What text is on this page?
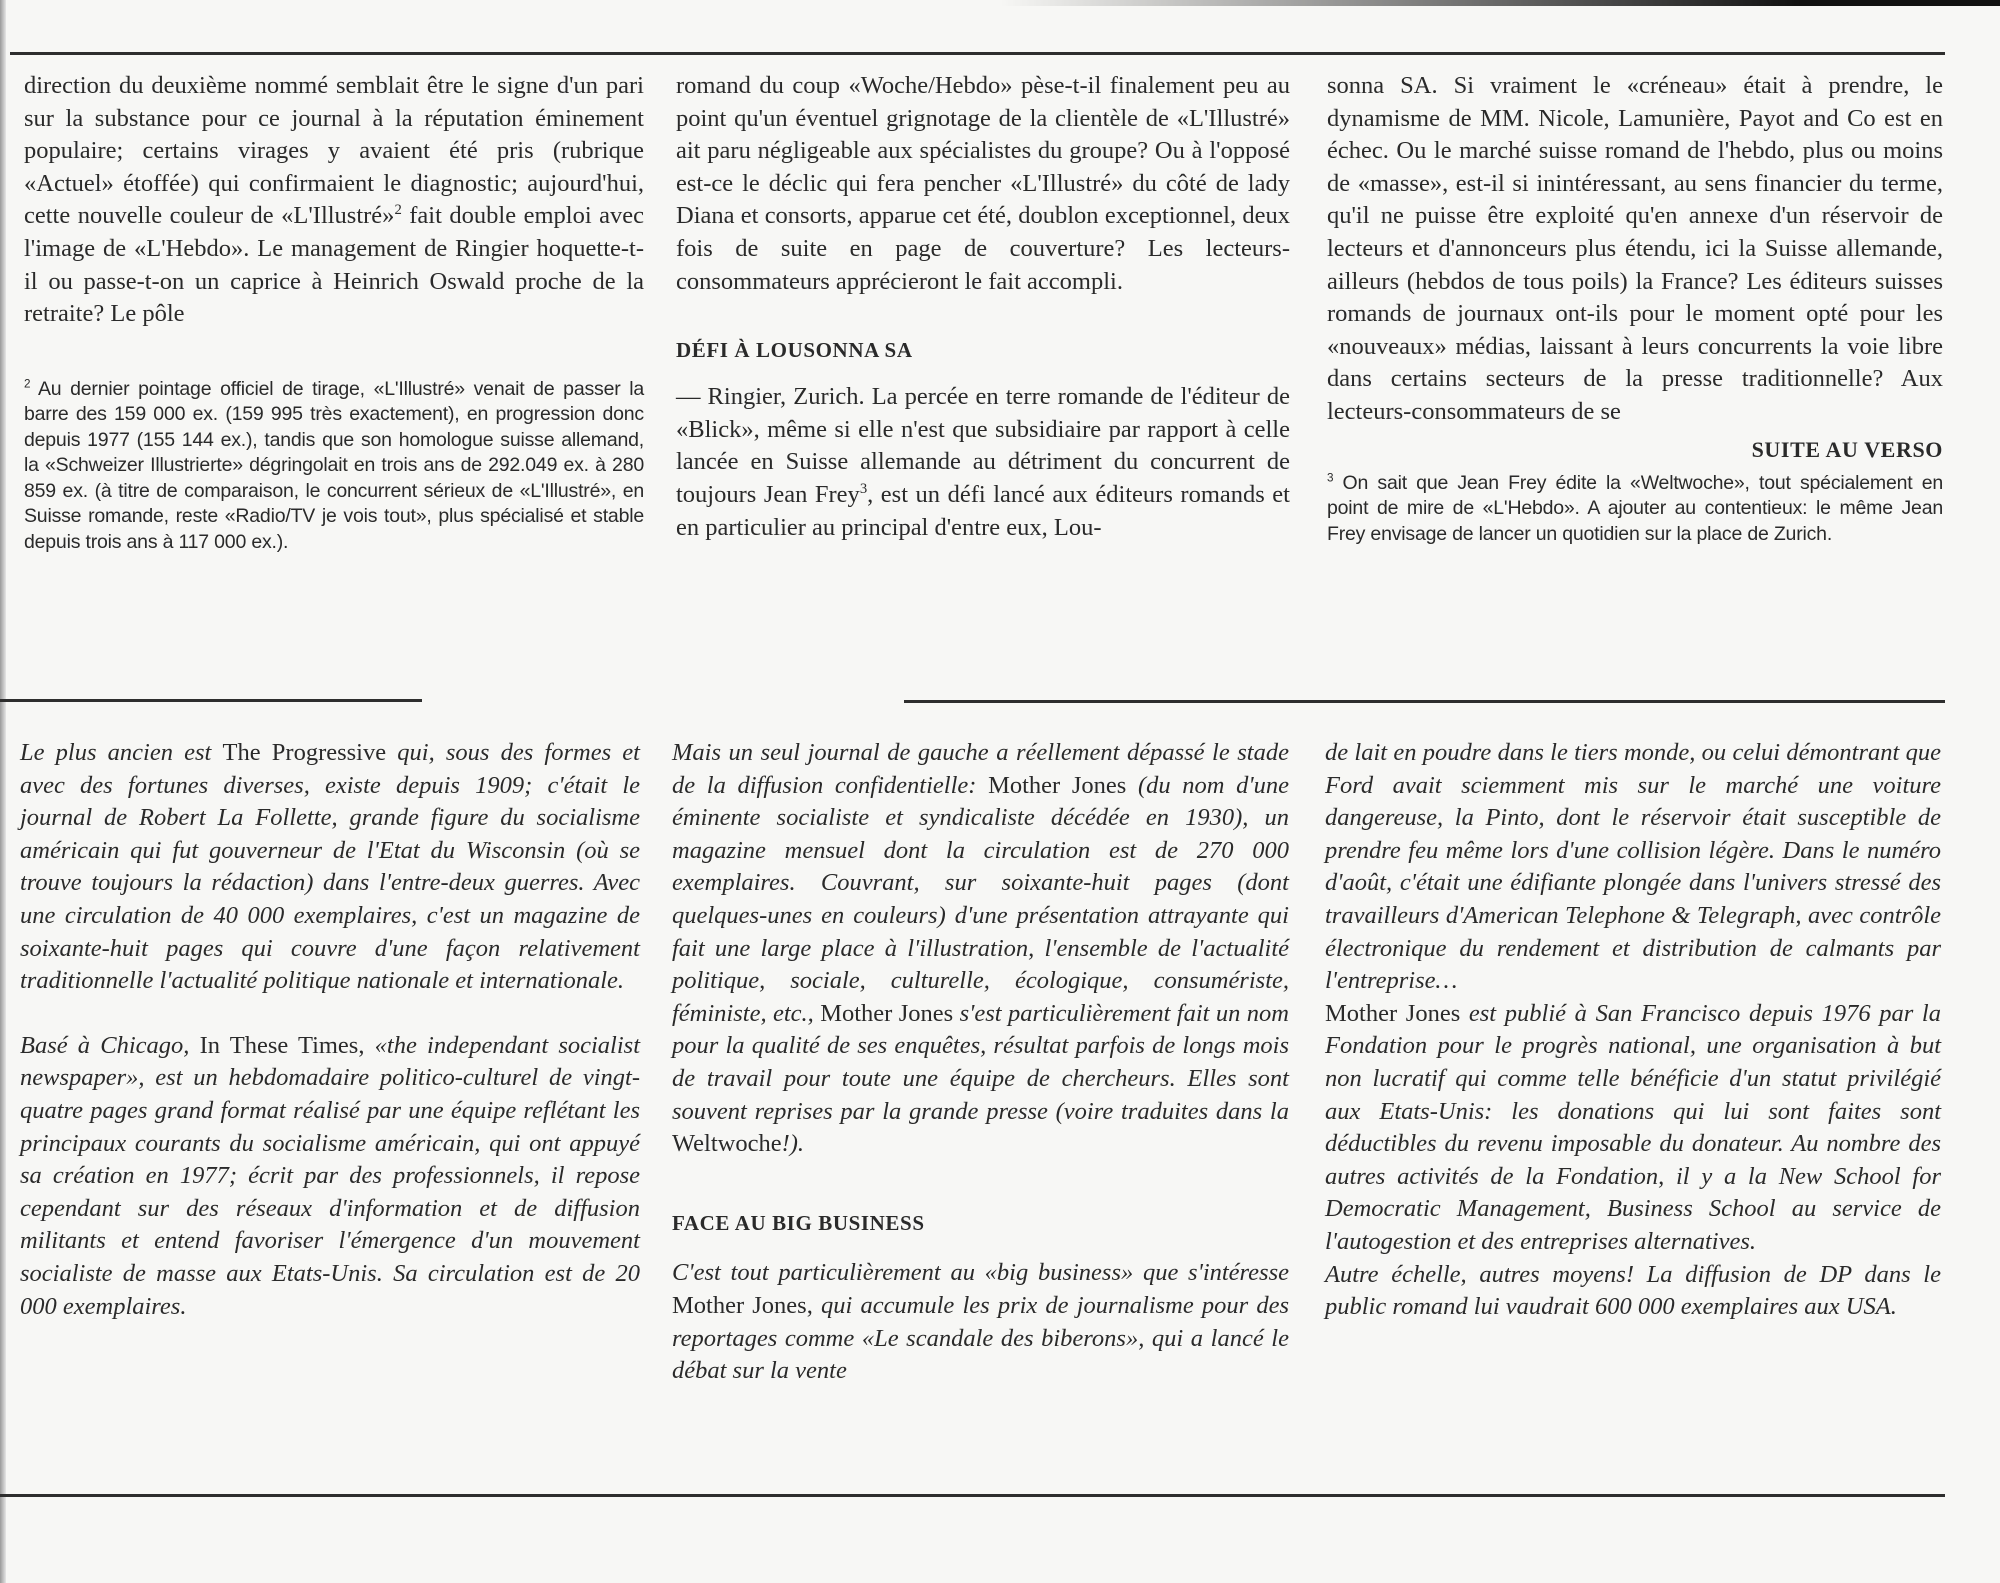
direction du deuxième nommé semblait être le signe d'un pari sur la substance pour ce journal à la réputation éminement populaire; certains virages y avaient été pris (rubrique «Actuel» étoffée) qui confirmaient le diagnostic; aujourd'hui, cette nouvelle couleur de «L'Illustré»$^2$ fait double emploi avec l'image de «L'Hebdo». Le management de Ringier hoquette-t-il ou passe-t-on un caprice à Heinrich Oswald proche de la retraite? Le pôle
$^2$ Au dernier pointage officiel de tirage, «L'Illustré» venait de passer la barre des 159 000 ex. (159 995 très exactement), en progression donc depuis 1977 (155 144 ex.), tandis que son homologue suisse allemand, la «Schweizer Illustrierte» dégringolait en trois ans de 292.049 ex. à 280 859 ex. (à titre de comparaison, le concurrent sérieux de «L'Illustré», en Suisse romande, reste «Radio/TV je vois tout», plus spécialisé et stable depuis trois ans à 117 000 ex.).
romand du coup «Woche/Hebdo» pèse-t-il finalement peu au point qu'un éventuel grignotage de la clientèle de «L'Illustré» ait paru négligeable aux spécialistes du groupe? Ou à l'opposé est-ce le déclic qui fera pencher «L'Illustré» du côté de lady Diana et consorts, apparue cet été, doublon exceptionnel, deux fois de suite en page de couverture? Les lecteurs-consommateurs apprécieront le fait accompli.
DÉFI À LOUSONNA SA
— Ringier, Zurich. La percée en terre romande de l'éditeur de «Blick», même si elle n'est que subsidiaire par rapport à celle lancée en Suisse allemande au détriment du concurrent de toujours Jean Frey$^3$, est un défi lancé aux éditeurs romands et en particulier au principal d'entre eux, Lou-
sonna SA. Si vraiment le «créneau» était à prendre, le dynamisme de MM. Nicole, Lamunière, Payot and Co est en échec. Ou le marché suisse romand de l'hebdo, plus ou moins de «masse», est-il si inintéressant, au sens financier du terme, qu'il ne puisse être exploité qu'en annexe d'un réservoir de lecteurs et d'annonceurs plus étendu, ici la Suisse allemande, ailleurs (hebdos de tous poils) la France? Les éditeurs suisses romands de journaux ont-ils pour le moment opté pour les «nouveaux» médias, laissant à leurs concurrents la voie libre dans certains secteurs de la presse traditionnelle? Aux lecteurs-consommateurs de se
SUITE AU VERSO
$^3$ On sait que Jean Frey édite la «Weltwoche», tout spécialement en point de mire de «L'Hebdo». A ajouter au contentieux: le même Jean Frey envisage de lancer un quotidien sur la place de Zurich.

Le plus ancien est The Progressive qui, sous des formes et avec des fortunes diverses, existe depuis 1909; c'était le journal de Robert La Follette, grande figure du socialisme américain qui fut gouverneur de l'Etat du Wisconsin (où se trouve toujours la rédaction) dans l'entre-deux guerres. Avec une circulation de 40 000 exemplaires, c'est un magazine de soixante-huit pages qui couvre d'une façon relativement traditionnelle l'actualité politique nationale et internationale.

Basé à Chicago, In These Times, «the independant socialist newspaper», est un hebdomadaire politico-culturel de vingt-quatre pages grand format réalisé par une équipe reflétant les principaux courants du socialisme américain, qui ont appuyé sa création en 1977; écrit par des professionnels, il repose cependant sur des réseaux d'information et de diffusion militants et entend favoriser l'émergence d'un mouvement socialiste de masse aux Etats-Unis. Sa circulation est de 20 000 exemplaires.

Mais un seul journal de gauche a réellement dépassé le stade de la diffusion confidentielle: Mother Jones (du nom d'une éminente socialiste et syndicaliste décédée en 1930), un magazine mensuel dont la circulation est de 270 000 exemplaires. Couvrant, sur soixante-huit pages (dont quelques-unes en couleurs) d'une présentation attrayante qui fait une large place à l'illustration, l'ensemble de l'actualité politique, sociale, culturelle, écologique, consumériste, féministe, etc., Mother Jones s'est particulièrement fait un nom pour la qualité de ses enquêtes, résultat parfois de longs mois de travail pour toute une équipe de chercheurs. Elles sont souvent reprises par la grande presse (voire traduites dans la Weltwoche!).

FACE AU BIG BUSINESS

C'est tout particulièrement au «big business» que s'intéresse Mother Jones, qui accumule les prix de journalisme pour des reportages comme «Le scandale des biberons», qui a lancé le débat sur la vente

de lait en poudre dans le tiers monde, ou celui démontrant que Ford avait sciemment mis sur le marché une voiture dangereuse, la Pinto, dont le réservoir était susceptible de prendre feu même lors d'une collision légère. Dans le numéro d'août, c'était une édifiante plongée dans l'univers stressé des travailleurs d'American Telephone & Telegraph, avec contrôle électronique du rendement et distribution de calmants par l'entreprise…

Mother Jones est publié à San Francisco depuis 1976 par la Fondation pour le progrès national, une organisation à but non lucratif qui comme telle bénéficie d'un statut privilégié aux Etats-Unis: les donations qui lui sont faites sont déductibles du revenu imposable du donateur. Au nombre des autres activités de la Fondation, il y a la New School for Democratic Management, Business School au service de l'autogestion et des entreprises alternatives.

Autre échelle, autres moyens! La diffusion de DP dans le public romand lui vaudrait 600 000 exemplaires aux USA.
